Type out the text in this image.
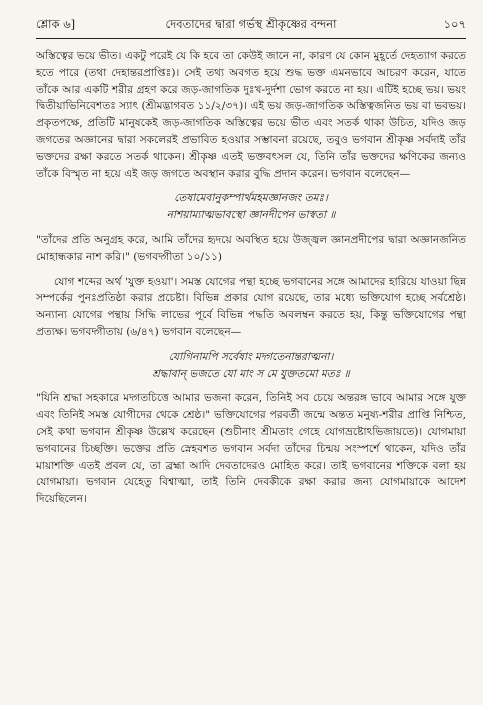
শ্লোক ৬]	দেবতাদের দ্বারা গর্ভস্থ শ্রীকৃষ্ণের বন্দনা	১০৭

অস্তিত্বের ভয়ে ভীত। একটু পরেই যে কি হবে তা কেউই জানে না, কারণ যে কোন মুহূর্তে দেহত্যাগ করতে হতে পারে (তথা দেহান্তরপ্রাপ্তিঃ)। সেই তথ্য অবগত হয়ে শুদ্ধ ভক্ত এমনভাবে আচরণ করেন, যাতে তাঁকে আর একটি শরীর গ্রহণ করে জড়-জাগতিক দুঃখ-দুর্দশা ভোগ করতে না হয়। এটিই হচ্ছে ভয়। ভয়ং দ্বিতীয়াভিনিবেশতঃ স্যাৎ (শ্রীমদ্ভাগবত ১১/২/৩৭)। এই ভয় জড়-জাগতিক অস্তিত্বজনিত ভয় বা ভবভয়। প্রকৃতপক্ষে, প্রতিটি মানুষকেই জড়-জাগতিক অস্তিত্বের ভয়ে ভীত এবং সতর্ক থাকা উচিত, যদিও জড় জগতের অজ্ঞানের দ্বারা সকলেরই প্রভাবিত হওয়ার সম্ভাবনা রয়েছে, তবুও ভগবান শ্রীকৃষ্ণ সর্বদাই তাঁর ভক্তদের রক্ষা করতে সতর্ক থাকেন। শ্রীকৃষ্ণ এতই ভক্তবৎসল যে, তিনি তাঁর ভক্তদের ক্ষণিকের জন্যও তাঁকে বিস্মৃত না হয়ে এই জড় জগতে অবস্থান করার বুদ্ধি প্রদান করেন। ভগবান বলেছেন—

তেষামেবানুকম্পার্থমহমজ্ঞানজং তমঃ।
নাশয়াম্যাত্মভাবস্থো জ্ঞানদীপেন ভাস্বতা ॥

"তাঁদের প্রতি অনুগ্রহ করে, আমি তাঁদের হৃদয়ে অবস্থিত হয়ে উজ্জ্বল জ্ঞানপ্রদীপের দ্বারা অজ্ঞানজনিত মোহান্ধকার নাশ করি।" (ভগবদ্গীতা ১০/১১)

যোগ শব্দের অর্থ 'যুক্ত হওয়া'। সমস্ত যোগের পন্থা হচ্ছে ভগবানের সঙ্গে আমাদের হারিয়ে যাওয়া ছিন্ন সম্পর্কের পুনঃপ্রতিষ্ঠা করার প্রচেষ্টা। বিভিন্ন প্রকার যোগ রয়েছে, তার মধ্যে ভক্তিযোগ হচ্ছে সর্বশ্রেষ্ঠ। অন্যান্য যোগের পন্থায় সিদ্ধি লাভের পূর্বে বিভিন্ন পদ্ধতি অবলম্বন করতে হয়, কিন্তু ভক্তিযোগের পন্থা প্রত্যক্ষ। ভগবদ্গীতায় (৬/৪৭) ভগবান বলেছেন—

যোগিনামপি সর্বেষাং মদ্গতেনান্তরাত্মনা।
শ্রদ্ধাবান্ ভজতে যো মাং স মে যুক্ততমো মতঃ ॥

"যিনি শ্রদ্ধা সহকারে মদ্গতচিত্তে আমার ভজনা করেন, তিনিই সব চেয়ে অন্তরঙ্গ ভাবে আমার সঙ্গে যুক্ত এবং তিনিই সমস্ত যোগীদের থেকে শ্রেষ্ঠ।" ভক্তিযোগের পরবর্তী জন্মে অন্তত মনুষ্য-শরীর প্রাপ্তি নিশ্চিত, সেই কথা ভগবান শ্রীকৃষ্ণ উল্লেখ করেছেন (শুচীনাং শ্রীমতাং গেহে যোগভ্রষ্টোঽভিজায়তে)। যোগমায়া ভগবানের চিচ্ছক্তি। ভক্তের প্রতি স্নেহবশত ভগবান সর্বদা তাঁদের চিন্ময় সংস্পর্শে থাকেন, যদিও তাঁর মায়াশক্তি এতই প্রবল যে, তা ব্রহ্মা আদি দেবতাদেরও মোহিত করে। তাই ভগবানের শক্তিকে বলা হয় যোগমায়া। ভগবান যেহেতু বিশ্বাত্মা, তাই তিনি দেবকীকে রক্ষা করার জন্য যোগমায়াকে আদেশ দিয়েছিলেন।
